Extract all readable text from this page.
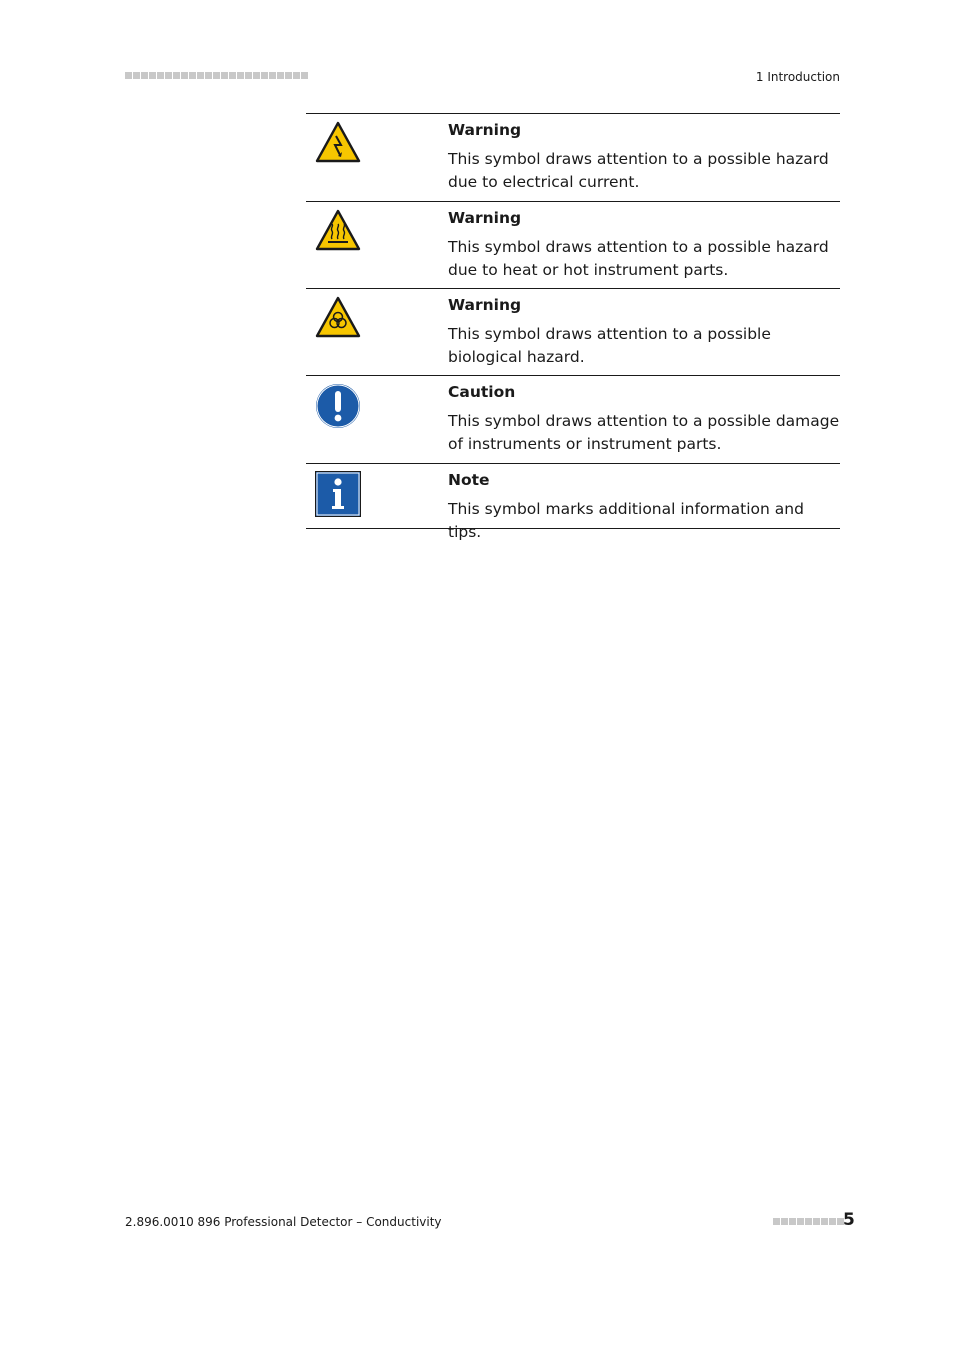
1 Introduction

Warning

This symbol draws attention to a possible hazard due to electrical current.

Warning

This symbol draws attention to a possible hazard due to heat or hot instrument parts.

Warning

This symbol draws attention to a possible biological hazard.

Caution

This symbol draws attention to a possible damage of instruments or instrument parts.

Note

This symbol marks additional information and tips.

2.896.0010 896 Professional Detector – Conductivity	5
